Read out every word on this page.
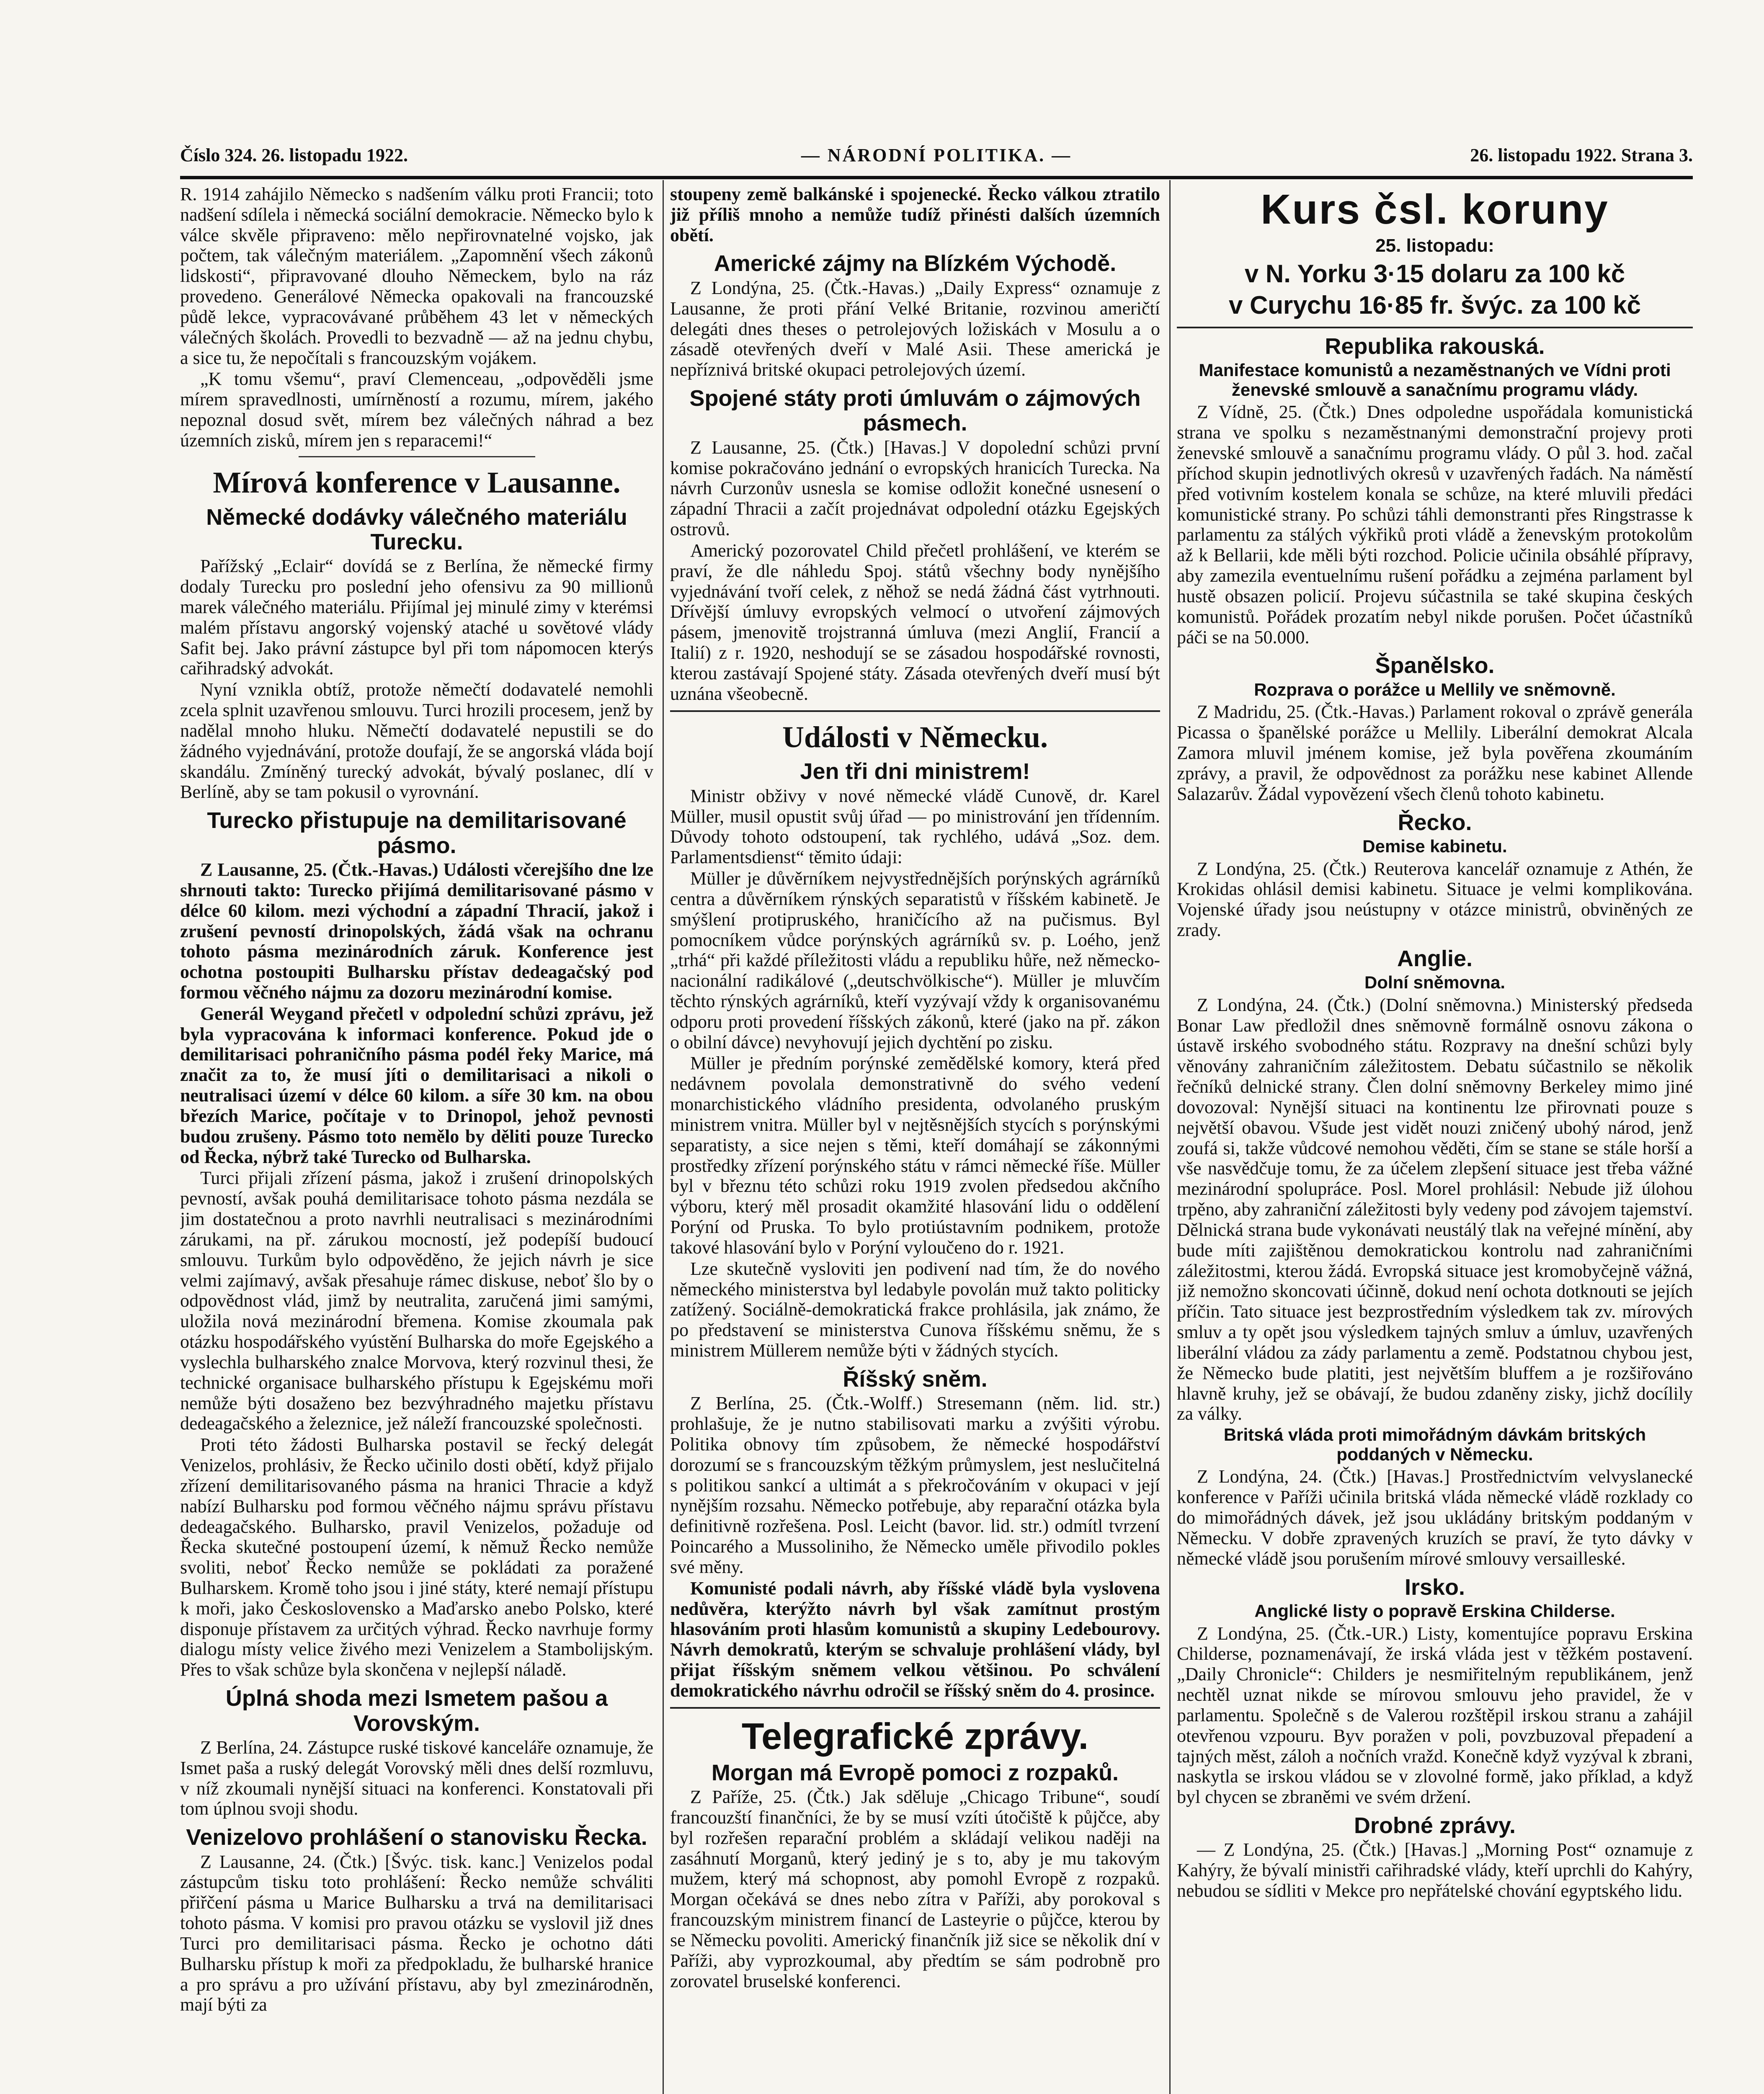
Číslo 324. 26. listopadu 1922.	— NÁRODNÍ POLITIKA. —	26. listopadu 1922. Strana 3.

R. 1914 zahájilo Německo s nadšením válku proti Francii; toto nadšení sdílela i německá sociální demokracie. Německo bylo k válce skvěle připraveno: mělo nepřirovnatelné vojsko, jak počtem, tak válečným materiálem. „Zapomnění všech zákonů lidskosti“, připravované dlouho Německem, bylo na ráz provedeno. Generálové Německa opakovali na francouzské půdě lekce, vypracovávané průběhem 43 let v německých válečných školách. Provedli to bezvadně — až na jednu chybu, a sice tu, že nepočítali s francouzským vojákem.

„K tomu všemu“, praví Clemenceau, „odpověděli jsme mírem spravedlnosti, umírněností a rozumu, mírem, jakého nepoznal dosud svět, mírem bez válečných náhrad a bez územních zisků, mírem jen s reparacemi!“

Mírová konference v Lausanne.
Německé dodávky válečného materiálu Turecku.

Pařížský „Eclair“ dovídá se z Berlína, že německé firmy dodaly Turecku pro poslední jeho ofensivu za 90 millionů marek válečného materiálu. Přijímal jej minulé zimy v kterémsi malém přístavu angorský vojenský ataché u sovětové vlády Safit bej. Jako právní zástupce byl při tom nápomocen kterýs cařihradský advokát.

Nyní vznikla obtíž, protože němečtí dodavatelé nemohli zcela splnit uzavřenou smlouvu. Turci hrozili procesem, jenž by nadělal mnoho hluku. Němečtí dodavatelé nepustili se do žádného vyjednávání, protože doufají, že se angorská vláda bojí skandálu. Zmíněný turecký advokát, bývalý poslanec, dlí v Berlíně, aby se tam pokusil o vyrovnání.

Turecko přistupuje na demilitarisované pásmo.

Z Lausanne, 25. (Čtk.-Havas.) Události včerejšího dne lze shrnouti takto: Turecko přijímá demilitarisované pásmo v délce 60 kilom. mezi východní a západní Thracií, jakož i zrušení pevností drinopolských, žádá však na ochranu tohoto pásma mezinárodních záruk. Konference jest ochotna postoupiti Bulharsku přístav dedeagačský pod formou věčného nájmu za dozoru mezinárodní komise.

Generál Weygand přečetl v odpolední schůzi zprávu, jež byla vypracována k informaci konference. Pokud jde o demilitarisaci pohraničního pásma podél řeky Marice, má značit za to, že musí jíti o demilitarisaci a nikoli o neutralisaci území v délce 60 kilom. a síře 30 km. na obou březích Marice, počítaje v to Drinopol, jehož pevnosti budou zrušeny. Pásmo toto nemělo by děliti pouze Turecko od Řecka, nýbrž také Turecko od Bulharska.

Turci přijali zřízení pásma, jakož i zrušení drinopolských pevností, avšak pouhá demilitarisace tohoto pásma nezdála se jim dostatečnou a proto navrhli neutralisaci s mezinárodními zárukami, na př. zárukou mocností, jež podepíší budoucí smlouvu. Turkům bylo odpověděno, že jejich návrh je sice velmi zajímavý, avšak přesahuje rámec diskuse, neboť šlo by o odpovědnost vlád, jimž by neutralita, zaručená jimi samými, uložila nová mezinárodní břemena. Komise zkoumala pak otázku hospodářského vyústění Bulharska do moře Egejského a vyslechla bulharského znalce Morvova, který rozvinul thesi, že technické organisace bulharského přístupu k Egejskému moři nemůže býti dosaženo bez bezvýhradného majetku přístavu dedeagačského a železnice, jež náleží francouzské společnosti.

Proti této žádosti Bulharska postavil se řecký delegát Venizelos, prohlásiv, že Řecko učinilo dosti obětí, když přijalo zřízení demilitarisovaného pásma na hranici Thracie a když nabízí Bulharsku pod formou věčného nájmu správu přístavu dedeagačského. Bulharsko, pravil Venizelos, požaduje od Řecka skutečné postoupení území, k němuž Řecko nemůže svoliti, neboť Řecko nemůže se pokládati za poražené Bulharskem. Kromě toho jsou i jiné státy, které nemají přístupu k moři, jako Československo a Maďarsko anebo Polsko, které disponuje přístavem za určitých výhrad. Řecko navrhuje formy dialogu místy velice živého mezi Venizelem a Stambolijským. Přes to však schůze byla skončena v nejlepší náladě.

Úplná shoda mezi Ismetem pašou a Vorovským.

Z Berlína, 24. Zástupce ruské tiskové kanceláře oznamuje, že Ismet paša a ruský delegát Vorovský měli dnes delší rozmluvu, v níž zkoumali nynější situaci na konferenci. Konstatovali při tom úplnou svoji shodu.

Venizelovo prohlášení o stanovisku Řecka.

Z Lausanne, 24. (Čtk.) [Švýc. tisk. kanc.] Venizelos podal zástupcům tisku toto prohlášení: Řecko nemůže schváliti přiřčení pásma u Marice Bulharsku a trvá na demilitarisaci tohoto pásma. V komisi pro pravou otázku se vyslovil již dnes Turci pro demilitarisaci pásma. Řecko je ochotno dáti Bulharsku přístup k moři za předpokladu, že bulharské hranice a pro správu a pro užívání přístavu, aby byl zmezinárodněn, mají býti za

stoupeny země balkánské i spojenecké. Řecko válkou ztratilo již příliš mnoho a nemůže tudíž přinésti dalších územních obětí.

Americké zájmy na Blízkém Východě.

Z Londýna, 25. (Čtk.-Havas.) „Daily Express“ oznamuje z Lausanne, že proti přání Velké Britanie, rozvinou američtí delegáti dnes theses o petrolejových ložiskách v Mosulu a o zásadě otevřených dveří v Malé Asii. These americká je nepříznivá britské okupaci petrolejových území.

Spojené státy proti úmluvám o zájmových pásmech.

Z Lausanne, 25. (Čtk.) [Havas.] V dopolední schůzi první komise pokračováno jednání o evropských hranicích Turecka. Na návrh Curzonův usnesla se komise odložit konečné usnesení o západní Thracii a začít projednávat odpolední otázku Egejských ostrovů.

Americký pozorovatel Child přečetl prohlášení, ve kterém se praví, že dle náhledu Spoj. států všechny body nynějšího vyjednávání tvoří celek, z něhož se nedá žádná část vytrhnouti. Dřívější úmluvy evropských velmocí o utvoření zájmových pásem, jmenovitě trojstranná úmluva (mezi Anglií, Francií a Italií) z r. 1920, neshodují se se zásadou hospodářské rovnosti, kterou zastávají Spojené státy. Zásada otevřených dveří musí být uznána všeobecně.

Události v Německu.
Jen tři dni ministrem!

Ministr obživy v nové německé vládě Cunově, dr. Karel Müller, musil opustit svůj úřad — po ministrování jen třídenním. Důvody tohoto odstoupení, tak rychlého, udává „Soz. dem. Parlamentsdienst“ těmito údaji:

Müller je důvěrníkem nejvystřednějších porýnských agrárníků centra a důvěrníkem rýnských separatistů v říšském kabinetě. Je smýšlení protipruského, hraničícího až na pučismus. Byl pomocníkem vůdce porýnských agrárníků sv. p. Loého, jenž „trhá“ při každé příležitosti vládu a republiku hůře, než německo-nacionální radikálové („deutschvölkische“). Müller je mluvčím těchto rýnských agrárníků, kteří vyzývají vždy k organisovanému odporu proti provedení říšských zákonů, které (jako na př. zákon o obilní dávce) nevyhovují jejich dychtění po zisku.

Müller je předním porýnské zemědělské komory, která před nedávnem povolala demonstrativně do svého vedení monarchistického vládního presidenta, odvolaného pruským ministrem vnitra. Müller byl v nejtěsnějších stycích s porýnskými separatisty, a sice nejen s těmi, kteří domáhají se zákonnými prostředky zřízení porýnského státu v rámci německé říše. Müller byl v březnu této schůzi roku 1919 zvolen předsedou akčního výboru, který měl prosadit okamžité hlasování lidu o oddělení Porýní od Pruska. To bylo protiústavním podnikem, protože takové hlasování bylo v Porýní vyloučeno do r. 1921.

Lze skutečně vysloviti jen podivení nad tím, že do nového německého ministerstva byl ledabyle povolán muž takto politicky zatížený. Sociálně-demokratická frakce prohlásila, jak známo, že po představení se ministerstva Cunova říšskému sněmu, že s ministrem Müllerem nemůže býti v žádných stycích.

Říšský sněm.

Z Berlína, 25. (Čtk.-Wolff.) Stresemann (něm. lid. str.) prohlašuje, že je nutno stabilisovati marku a zvýšiti výrobu. Politika obnovy tím způsobem, že německé hospodářství dorozumí se s francouzským těžkým průmyslem, jest neslučitelná s politikou sankcí a ultimát a s překročováním v okupaci v její nynějším rozsahu. Německo potřebuje, aby reparační otázka byla definitivně rozřešena. Posl. Leicht (bavor. lid. str.) odmítl tvrzení Poincarého a Mussoliniho, že Německo uměle přivodilo pokles své měny.

Komunisté podali návrh, aby říšské vládě byla vyslovena nedůvěra, kterýžto návrh byl však zamítnut prostým hlasováním proti hlasům komunistů a skupiny Ledebourovy. Návrh demokratů, kterým se schvaluje prohlášení vlády, byl přijat říšským sněmem velkou většinou. Po schválení demokratického návrhu odročil se říšský sněm do 4. prosince.

Telegrafické zprávy.
Morgan má Evropě pomoci z rozpaků.

Z Paříže, 25. (Čtk.) Jak sděluje „Chicago Tribune“, soudí francouzští finančníci, že by se musí vzíti útočiště k půjčce, aby byl rozřešen reparační problém a skládají velikou naději na zasáhnutí Morganů, který jediný je s to, aby je mu takovým mužem, který má schopnost, aby pomohl Evropě z rozpaků. Morgan očekává se dnes nebo zítra v Paříži, aby porokoval s francouzským ministrem financí de Lasteyrie o půjčce, kterou by se Německu povoliti. Americký finančník již sice se několik dní v Paříži, aby vyprozkoumal, aby předtím se sám podrobně pro zorovatel bruselské konferenci.

Kurs čsl. koruny
25. listopadu:
v N. Yorku 3·15 dolaru za 100 kč
v Curychu 16·85 fr. švýc. za 100 kč
Republika rakouská.
Manifestace komunistů a nezaměstnaných ve Vídni proti ženevské smlouvě a sanačnímu programu vlády.

Z Vídně, 25. (Čtk.) Dnes odpoledne uspořádala komunistická strana ve spolku s nezaměstnanými demonstrační projevy proti ženevské smlouvě a sanačnímu programu vlády. O půl 3. hod. začal příchod skupin jednotlivých okresů v uzavřených řadách. Na náměstí před votivním kostelem konala se schůze, na které mluvili předáci komunistické strany. Po schůzi táhli demonstranti přes Ringstrasse k parlamentu za stálých výkřiků proti vládě a ženevským protokolům až k Bellarii, kde měli býti rozchod. Policie učinila obsáhlé přípravy, aby zamezila eventuelnímu rušení pořádku a zejména parlament byl hustě obsazen policií. Projevu súčastnila se také skupina českých komunistů. Pořádek prozatím nebyl nikde porušen. Počet účastníků páči se na 50.000.

Španělsko.
Rozprava o porážce u Mellily ve sněmovně.

Z Madridu, 25. (Čtk.-Havas.) Parlament rokoval o zprávě generála Picassa o španělské porážce u Mellily. Liberální demokrat Alcala Zamora mluvil jménem komise, jež byla pověřena zkoumáním zprávy, a pravil, že odpovědnost za porážku nese kabinet Allende Salazarův. Žádal vypovězení všech členů tohoto kabinetu.

Řecko.
Demise kabinetu.

Z Londýna, 25. (Čtk.) Reuterova kancelář oznamuje z Athén, že Krokidas ohlásil demisi kabinetu. Situace je velmi komplikována. Vojenské úřady jsou neústupny v otázce ministrů, obviněných ze zrady.

Anglie.
Dolní sněmovna.

Z Londýna, 24. (Čtk.) (Dolní sněmovna.) Ministerský předseda Bonar Law předložil dnes sněmovně formálně osnovu zákona o ústavě irského svobodného státu. Rozpravy na dnešní schůzi byly věnovány zahraničním záležitostem. Debatu súčastnilo se několik řečníků delnické strany. Člen dolní sněmovny Berkeley mimo jiné dovozoval: Nynější situaci na kontinentu lze přirovnati pouze s největší obavou. Všude jest vidět nouzi zničený ubohý národ, jenž zoufá si, takže vůdcové nemohou věděti, čím se stane se stále horší a vše nasvědčuje tomu, že za účelem zlepšení situace jest třeba vážné mezinárodní spolupráce. Posl. Morel prohlásil: Nebude již úlohou trpěno, aby zahraniční záležitosti byly vedeny pod závojem tajemství. Dělnická strana bude vykonávati neustálý tlak na veřejné mínění, aby bude míti zajištěnou demokratickou kontrolu nad zahraničními záležitostmi, kterou žádá. Evropská situace jest kromobyčejně vážná, již nemožno skoncovati účinně, dokud není ochota dotknouti se jejích příčin. Tato situace jest bezprostředním výsledkem tak zv. mírových smluv a ty opět jsou výsledkem tajných smluv a úmluv, uzavřených liberální vládou za zády parlamentu a země. Podstatnou chybou jest, že Německo bude platiti, jest největším bluffem a je rozšiřováno hlavně kruhy, jež se obávají, že budou zdaněny zisky, jichž docílily za války.

Britská vláda proti mimořádným dávkám britských poddaných v Německu.

Z Londýna, 24. (Čtk.) [Havas.] Prostřednictvím velvyslanecké konference v Paříži učinila britská vláda německé vládě rozklady co do mimořádných dávek, jež jsou ukládány britským poddaným v Německu. V dobře zpravených kruzích se praví, že tyto dávky v německé vládě jsou porušením mírové smlouvy versailleské.

Irsko.
Anglické listy o popravě Erskina Childerse.

Z Londýna, 25. (Čtk.-UR.) Listy, komentujíce popravu Erskina Childerse, poznamenávají, že irská vláda jest v těžkém postavení. „Daily Chronicle“: Childers je nesmiřitelným republikánem, jenž nechtěl uznat nikde se mírovou smlouvu jeho pravidel, že v parlamentu. Společně s de Valerou rozštěpil irskou stranu a zahájil otevřenou vzpouru. Byv poražen v poli, povzbuzoval přepadení a tajných měst, záloh a nočních vražd. Konečně když vyzýval k zbrani, naskytla se irskou vládou se v zlovolné formě, jako příklad, a když byl chycen se zbraněmi ve svém držení.

Drobné zprávy.

— Z Londýna, 25. (Čtk.) [Havas.] „Morning Post“ oznamuje z Kahýry, že bývalí ministři cařihradské vlády, kteří uprchli do Kahýry, nebudou se sídliti v Mekce pro nepřátelské chování egyptského lidu.
